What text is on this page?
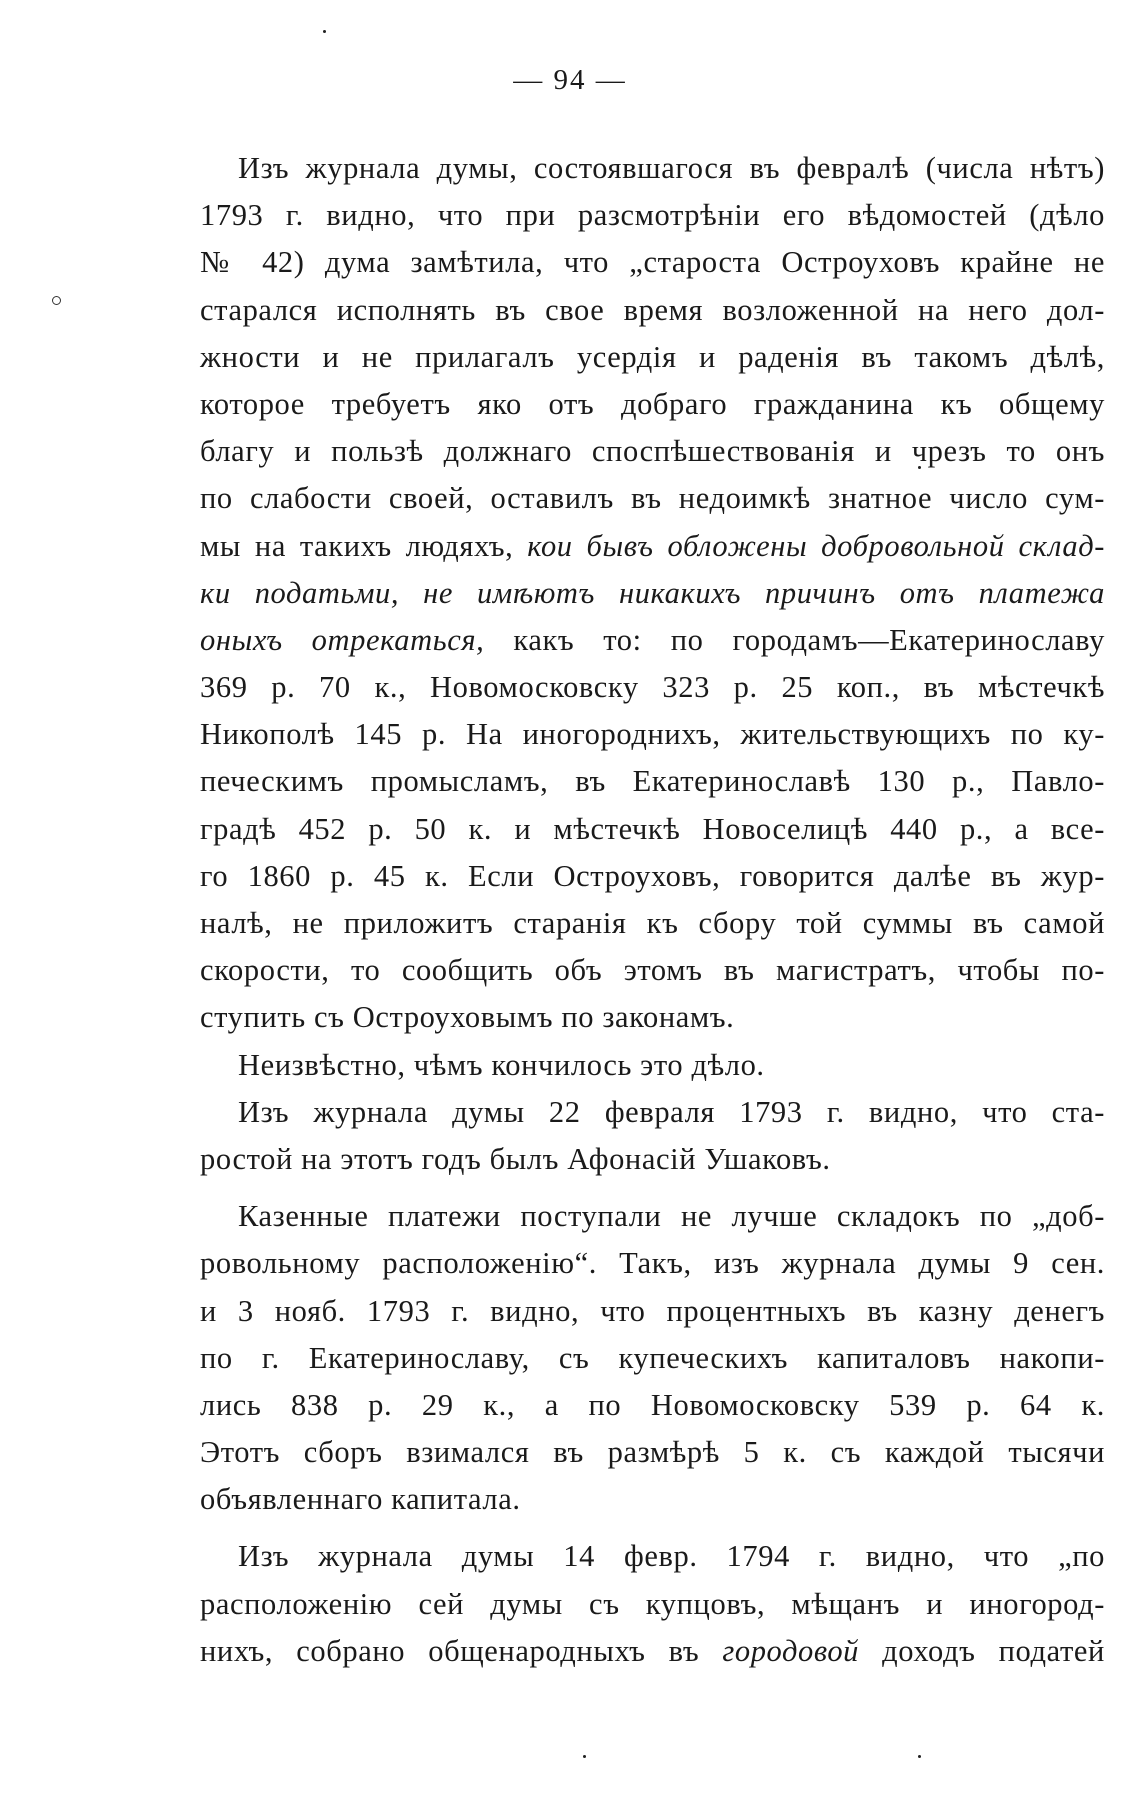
— 94 —
Изъ журнала думы, состоявшагося въ февралѣ (числа нѣтъ)
1793 г. видно, что при разсмотрѣніи его вѣдомостей (дѣло
№ 42) дума замѣтила, что „староста Остроуховъ крайне не
старался исполнять въ свое время возложенной на него дол-
жности и не прилагалъ усердія и раденія въ такомъ дѣлѣ,
которое требуетъ яко отъ добраго гражданина къ общему
благу и пользѣ должнаго споспѣшествованія и чрезъ то онъ
по слабости своей, оставилъ въ недоимкѣ знатное число сум-
мы на такихъ людяхъ, кои бывъ обложены добровольной склад-
ки податьми, не имѣютъ никакихъ причинъ отъ платежа
оныхъ отрекаться, какъ то: по городамъ—Екатеринославу
369 р. 70 к., Новомосковску 323 р. 25 коп., въ мѣстечкѣ
Никополѣ 145 р. На иногороднихъ, жительствующихъ по ку-
печескимъ промысламъ, въ Екатеринославѣ 130 р., Павло-
градѣ 452 р. 50 к. и мѣстечкѣ Новоселицѣ 440 р., а все-
го 1860 р. 45 к. Если Остроуховъ, говорится далѣе въ жур-
налѣ, не приложитъ старанія къ сбору той суммы въ самой
скорости, то сообщить объ этомъ въ магистратъ, чтобы по-
ступить съ Остроуховымъ по законамъ.
Неизвѣстно, чѣмъ кончилось это дѣло.
Изъ журнала думы 22 февраля 1793 г. видно, что ста-
ростой на этотъ годъ былъ Афонасій Ушаковъ.
Казенные платежи поступали не лучше складокъ по „доб-
ровольному расположенію“. Такъ, изъ журнала думы 9 сен.
и 3 нояб. 1793 г. видно, что процентныхъ въ казну денегъ
по г. Екатеринославу, съ купеческихъ капиталовъ накопи-
лись 838 р. 29 к., а по Новомосковску 539 р. 64 к.
Этотъ сборъ взимался въ размѣрѣ 5 к. съ каждой тысячи
объявленнаго капитала.
Изъ журнала думы 14 февр. 1794 г. видно, что „по
расположенію сей думы съ купцовъ, мѣщанъ и иногород-
нихъ, собрано общенародныхъ въ городовой доходъ податей
